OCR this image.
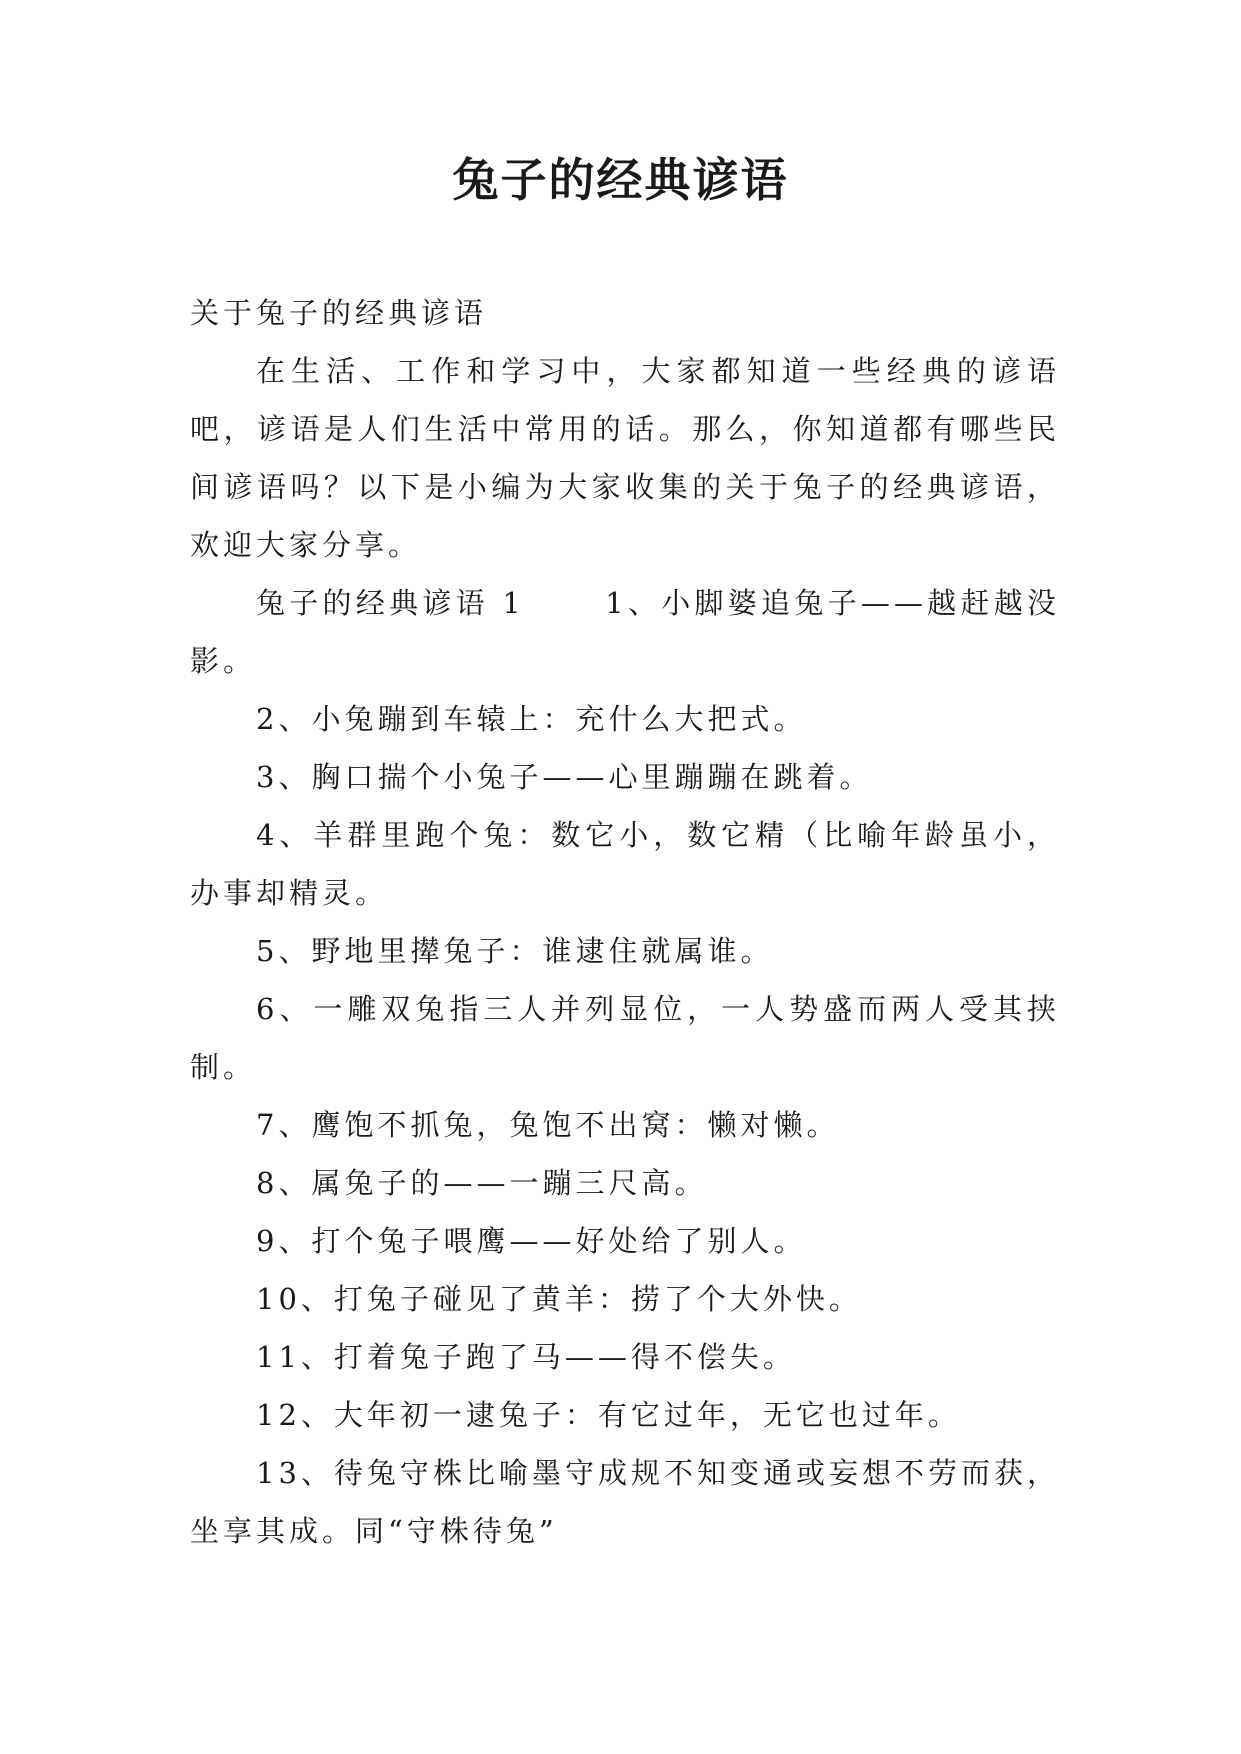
兔子的经典谚语

关于兔子的经典谚语

在生活、工作和学习中，大家都知道一些经典的谚语吧，谚语是人们生活中常用的话。那么，你知道都有哪些民间谚语吗？以下是小编为大家收集的关于兔子的经典谚语，欢迎大家分享。

兔子的经典谚语 1　　 1、小脚婆追兔子——越赶越没影。

2、小兔蹦到车辕上：充什么大把式。

3、胸口揣个小兔子——心里蹦蹦在跳着。

4、羊群里跑个兔：数它小，数它精（比喻年龄虽小，办事却精灵。

5、野地里撵兔子：谁逮住就属谁。

6、一雕双兔指三人并列显位，一人势盛而两人受其挟制。

7、鹰饱不抓兔，兔饱不出窝：懒对懒。

8、属兔子的——一蹦三尺高。

9、打个兔子喂鹰——好处给了别人。

10、打兔子碰见了黄羊：捞了个大外快。

11、打着兔子跑了马——得不偿失。

12、大年初一逮兔子：有它过年，无它也过年。

13、待兔守株比喻墨守成规不知变通或妄想不劳而获，坐享其成。同“守株待兔”
